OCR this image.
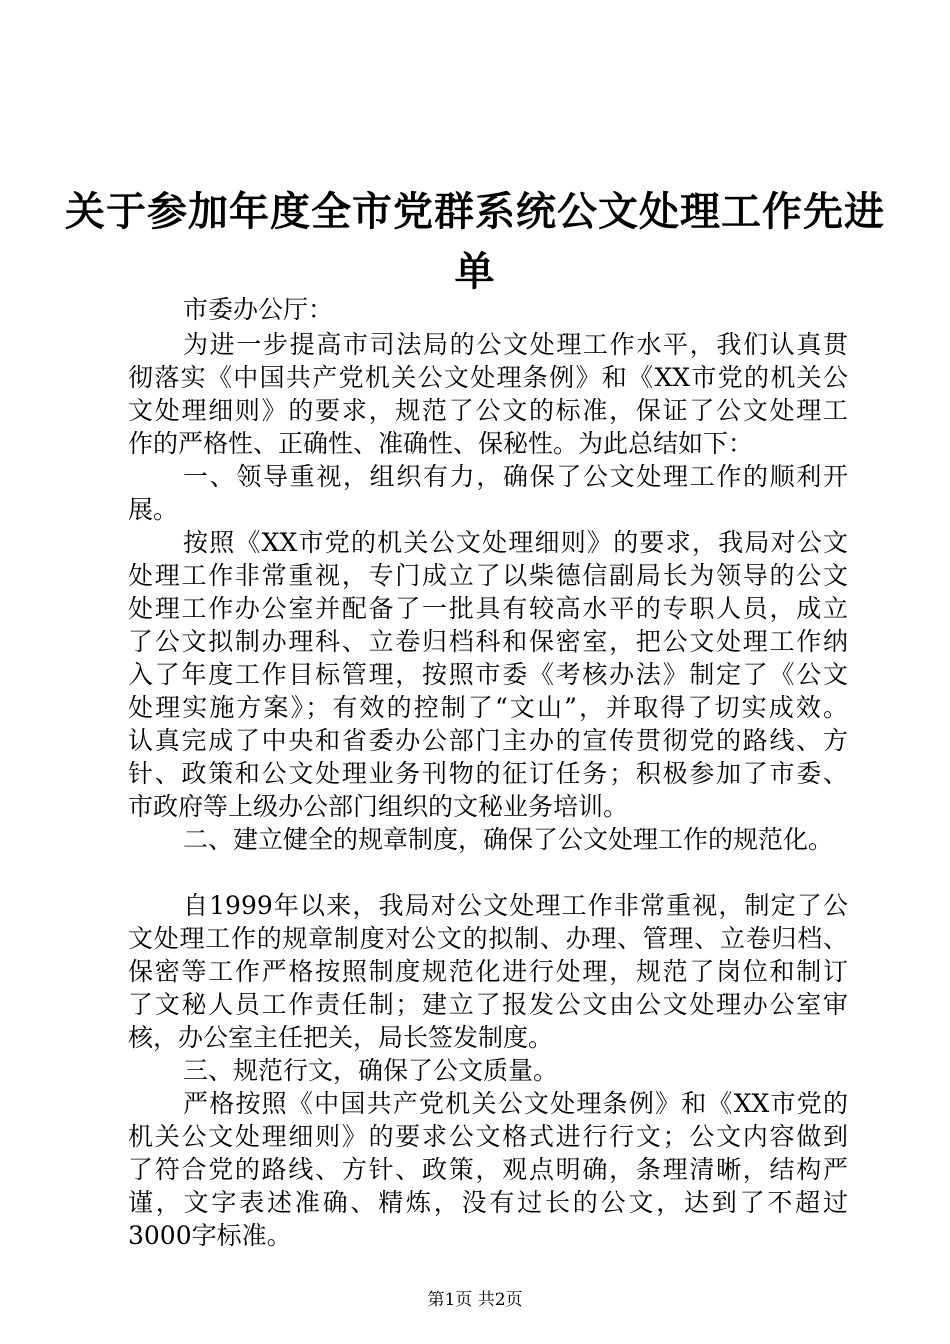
关于参加年度全市党群系统公文处理工作先进
单
市委办公厅：
为进一步提高市司法局的公文处理工作水平，我们认真贯
彻落实《中国共产党机关公文处理条例》和《XX市党的机关公
文处理细则》的要求，规范了公文的标准，保证了公文处理工
作的严格性、正确性、准确性、保秘性。为此总结如下：
一、领导重视，组织有力，确保了公文处理工作的顺利开
展。
按照《XX市党的机关公文处理细则》的要求，我局对公文
处理工作非常重视，专门成立了以柴德信副局长为领导的公文
处理工作办公室并配备了一批具有较高水平的专职人员，成立
了公文拟制办理科、立卷归档科和保密室，把公文处理工作纳
入了年度工作目标管理，按照市委《考核办法》制定了《公文
处理实施方案》；有效的控制了“文山”，并取得了切实成效。
认真完成了中央和省委办公部门主办的宣传贯彻党的路线、方
针、政策和公文处理业务刊物的征订任务；积极参加了市委、
市政府等上级办公部门组织的文秘业务培训。
二、建立健全的规章制度，确保了公文处理工作的规范化。
自1999年以来，我局对公文处理工作非常重视，制定了公
文处理工作的规章制度对公文的拟制、办理、管理、立卷归档、
保密等工作严格按照制度规范化进行处理，规范了岗位和制订
了文秘人员工作责任制；建立了报发公文由公文处理办公室审
核，办公室主任把关，局长签发制度。
三、规范行文，确保了公文质量。
严格按照《中国共产党机关公文处理条例》和《XX市党的
机关公文处理细则》的要求公文格式进行行文；公文内容做到
了符合党的路线、方针、政策，观点明确，条理清晰，结构严
谨，文字表述准确、精炼，没有过长的公文，达到了不超过
3000字标准。
第1页 共2页
